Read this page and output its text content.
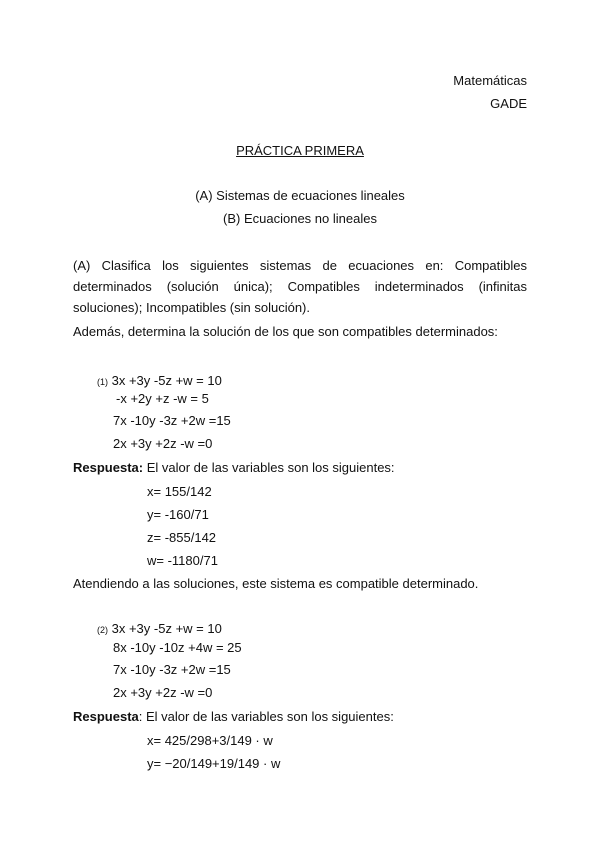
Matemáticas
GADE
PRÁCTICA PRIMERA
(A) Sistemas de ecuaciones lineales
(B) Ecuaciones no lineales
(A) Clasifica los siguientes sistemas de ecuaciones en: Compatibles determinados (solución única); Compatibles indeterminados (infinitas soluciones); Incompatibles (sin solución).
Además, determina la solución de los que son compatibles determinados:
(1) 3x +3y -5z +w = 10
-x +2y +z -w = 5
7x -10y -3z +2w =15
2x +3y +2z -w =0
Respuesta: El valor de las variables son los siguientes:
x= 155/142
y= -160/71
z= -855/142
w= -1180/71
Atendiendo a las soluciones, este sistema es compatible determinado.
(2) 3x +3y -5z +w = 10
8x -10y -10z +4w = 25
7x -10y -3z +2w =15
2x +3y +2z -w =0
Respuesta: El valor de las variables son los siguientes:
x= 425/298+3/149 · w
y= −20/149+19/149 · w
